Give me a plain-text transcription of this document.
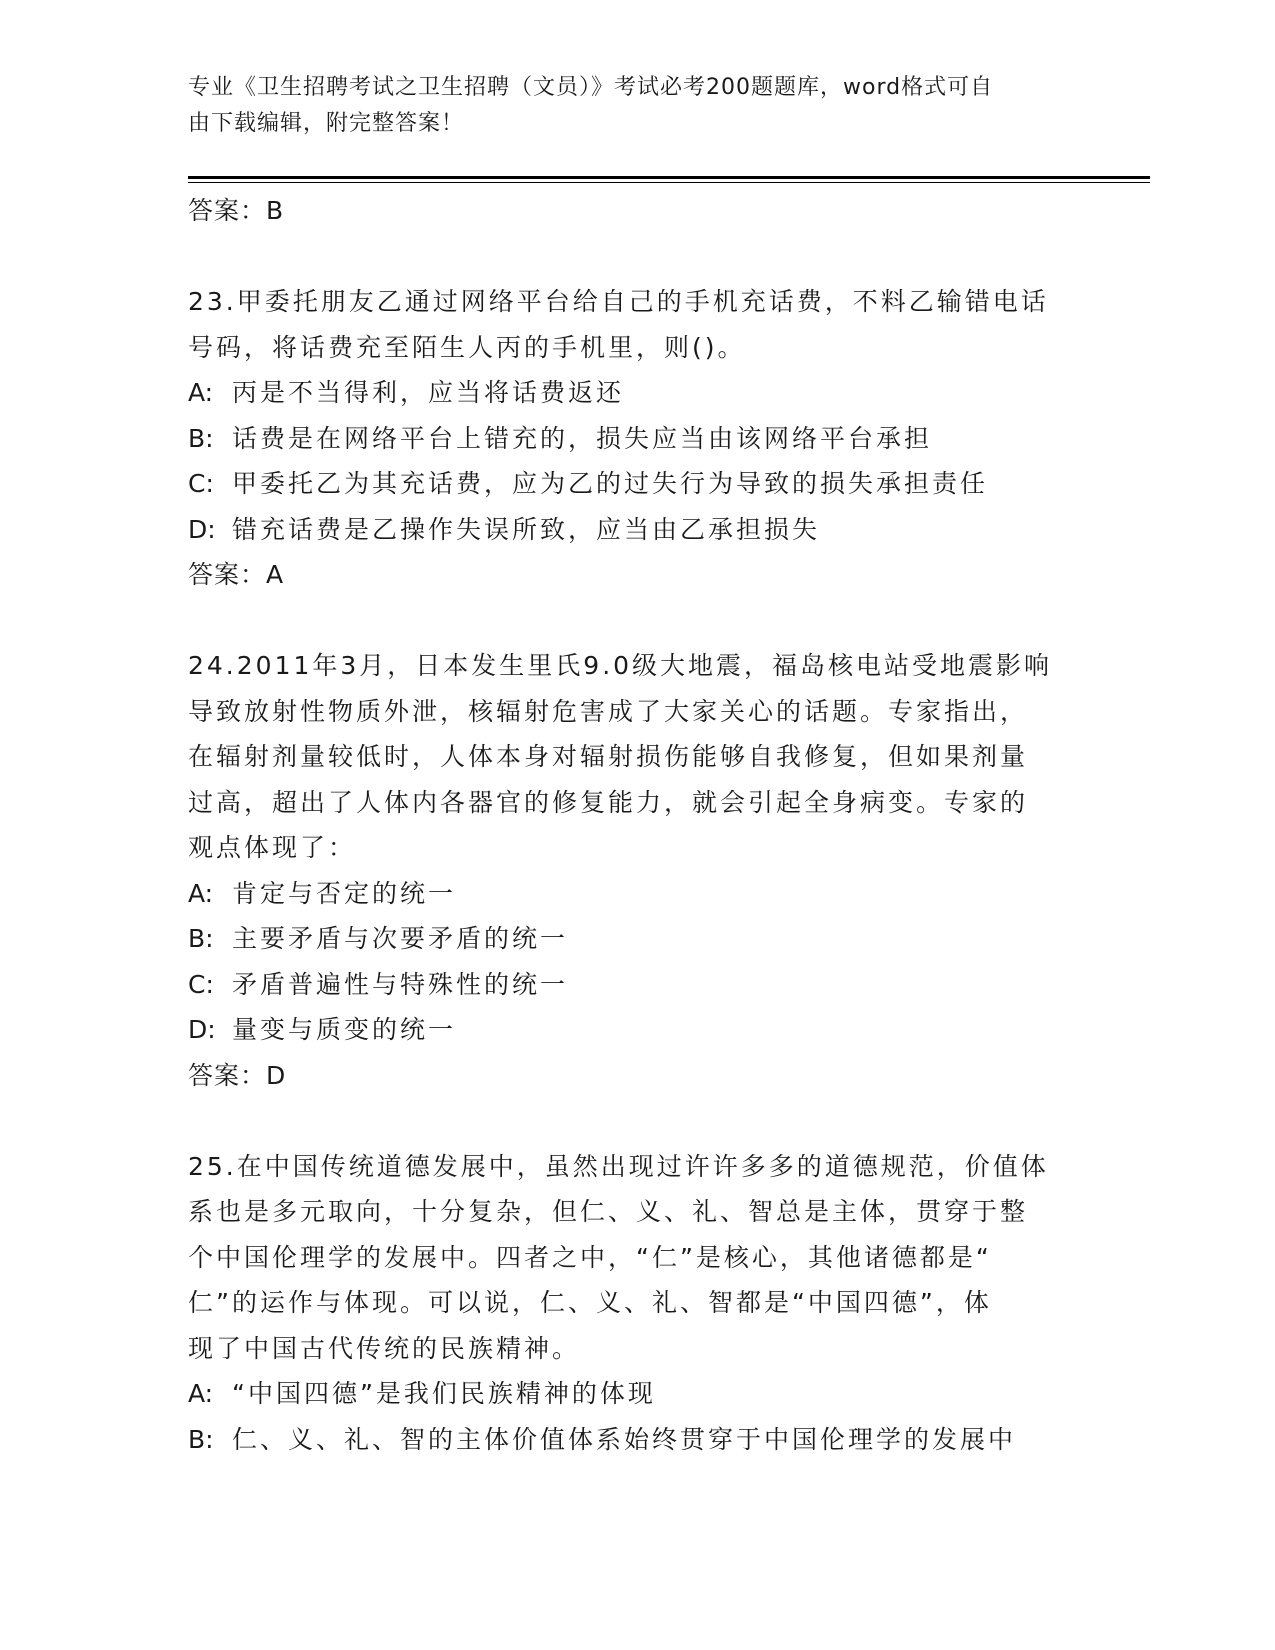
专业《卫生招聘考试之卫生招聘（文员）》考试必考200题题库，word格式可自
由下载编辑，附完整答案！
答案：B
23.甲委托朋友乙通过网络平台给自己的手机充话费，不料乙输错电话
号码，将话费充至陌生人丙的手机里，则()。
A: 丙是不当得利，应当将话费返还
B: 话费是在网络平台上错充的，损失应当由该网络平台承担
C: 甲委托乙为其充话费，应为乙的过失行为导致的损失承担责任
D: 错充话费是乙操作失误所致，应当由乙承担损失
答案：A
24.2011年3月，日本发生里氏9.0级大地震，福岛核电站受地震影响
导致放射性物质外泄，核辐射危害成了大家关心的话题。专家指出，
在辐射剂量较低时，人体本身对辐射损伤能够自我修复，但如果剂量
过高，超出了人体内各器官的修复能力，就会引起全身病变。专家的
观点体现了：
A: 肯定与否定的统一
B: 主要矛盾与次要矛盾的统一
C: 矛盾普遍性与特殊性的统一
D: 量变与质变的统一
答案：D
25.在中国传统道德发展中，虽然出现过许许多多的道德规范，价值体
系也是多元取向，十分复杂，但仁、义、礼、智总是主体，贯穿于整
个中国伦理学的发展中。四者之中，“仁”是核心，其他诸德都是“
仁”的运作与体现。可以说，仁、义、礼、智都是“中国四德”，体
现了中国古代传统的民族精神。
A: “中国四德”是我们民族精神的体现
B: 仁、义、礼、智的主体价值体系始终贯穿于中国伦理学的发展中
